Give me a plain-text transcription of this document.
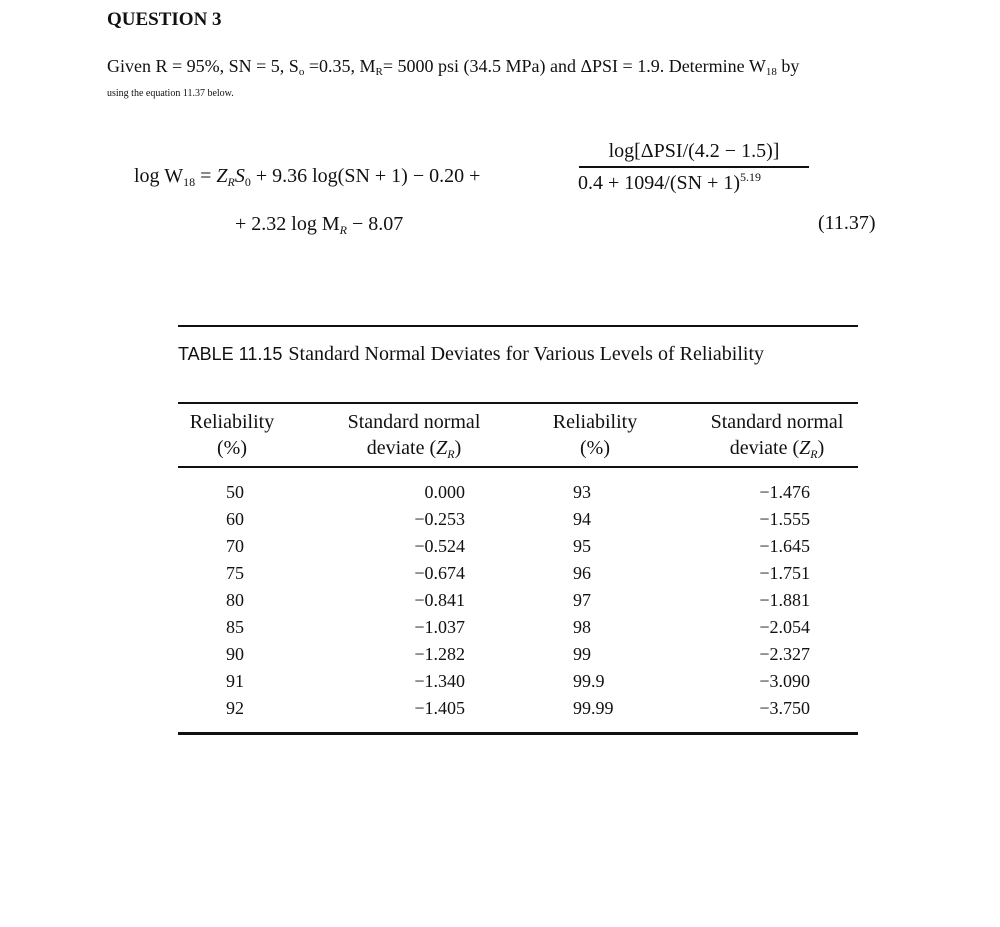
QUESTION 3
Given R = 95%, SN = 5, $S_o =0.35$, $M_R= 5000$ psi (34.5 MPa) and ΔPSI = 1.9. Determine $W_{18}$ by
using the equation 11.37 below.
$\log W_{18} = Z_RS_0 + 9.36$ log(SN + 1) − 0.20 +
log[ΔPSI/(4.2 − 1.5)]
0.4 + 1094/(SN + 1)$^{5.19}$
+ 2.32 $\log M_R - 8.07$	(11.37)
TABLE 11.15 Standard Normal Deviates for Various Levels of Reliability
Reliability
(%)
Standard normal
deviate $(Z_R)$
Reliability
(%)
Standard normal
deviate $(Z_R)$
50
60
70
75
80
85
90
91
92
0.000
−0.253
−0.524
−0.674
−0.841
−1.037
−1.282
−1.340
−1.405
93
94
95
96
97
98
99
99.9
99.99
−1.476
−1.555
−1.645
−1.751
−1.881
−2.054
−2.327
−3.090
−3.750
